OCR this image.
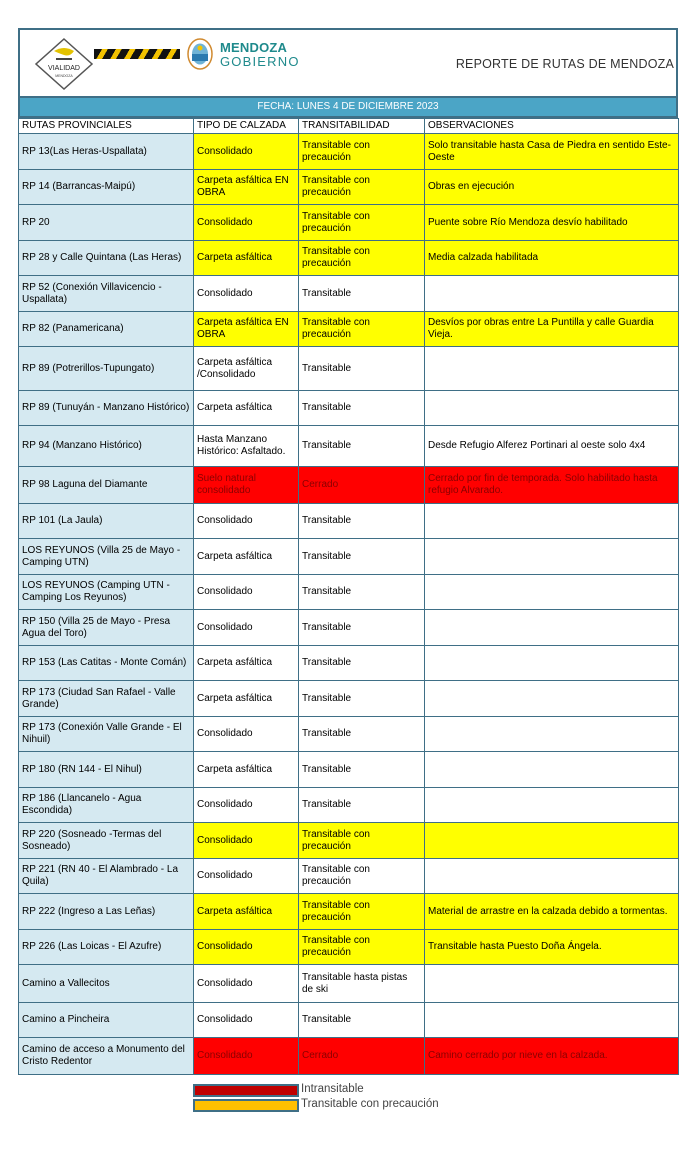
VIALIDAD
MENDOZA
MENDOZA
GOBIERNO	REPORTE DE RUTAS DE MENDOZA
FECHA: LUNES 4 DE DICIEMBRE 2023
RUTAS PROVINCIALES	TIPO DE CALZADA	TRANSITABILIDAD	OBSERVACIONES
RP 13(Las Heras-Uspallata)	Consolidado	Transitable con precaución	Solo transitable hasta Casa de Piedra en sentido Este-Oeste
RP 14 (Barrancas-Maipú)	Carpeta asfáltica EN OBRA	Transitable con precaución	Obras en ejecución
RP 20	Consolidado	Transitable con precaución	Puente sobre Río Mendoza desvío habilitado
RP 28 y Calle Quintana (Las Heras)	Carpeta asfáltica	Transitable con precaución	Media calzada habilitada
RP 52 (Conexión Villavicencio - Uspallata)	Consolidado	Transitable	
RP 82 (Panamericana)	Carpeta asfáltica EN OBRA	Transitable con precaución	Desvíos por obras entre La Puntilla y calle Guardia Vieja.
RP 89 (Potrerillos-Tupungato)	Carpeta asfáltica /Consolidado	Transitable	
RP 89 (Tunuyán - Manzano Histórico)	Carpeta asfáltica	Transitable	
RP 94 (Manzano Histórico)	Hasta Manzano Histórico: Asfaltado.	Transitable	Desde Refugio Alferez Portinari al oeste solo 4x4
RP 98 Laguna del Diamante	Suelo natural consolidado	Cerrado	Cerrado por fin de temporada. Solo habilitado hasta refugio Alvarado.
RP 101 (La Jaula)	Consolidado	Transitable	
LOS REYUNOS (Villa 25 de Mayo - Camping UTN)	Carpeta asfáltica	Transitable	
LOS REYUNOS (Camping UTN - Camping Los Reyunos)	Consolidado	Transitable	
RP 150 (Villa 25 de Mayo - Presa Agua del Toro)	Consolidado	Transitable	
RP 153 (Las Catitas - Monte Comán)	Carpeta asfáltica	Transitable	
RP 173 (Ciudad San Rafael - Valle Grande)	Carpeta asfáltica	Transitable	
RP 173 (Conexión Valle Grande - El Nihuil)	Consolidado	Transitable	
RP 180 (RN 144 - El Nihul)	Carpeta asfáltica	Transitable	
RP 186 (Llancanelo - Agua Escondida)	Consolidado	Transitable	
RP 220 (Sosneado -Termas del Sosneado)	Consolidado	Transitable con precaución	
RP 221 (RN 40 - El Alambrado - La Quila)	Consolidado	Transitable con precaución	
RP 222 (Ingreso a Las Leñas)	Carpeta asfáltica	Transitable con precaución	Material de arrastre en la calzada debido a tormentas.
RP 226 (Las Loicas - El Azufre)	Consolidado	Transitable con precaución	Transitable hasta Puesto Doña Ángela.
Camino a Vallecitos	Consolidado	Transitable hasta pistas de ski	
Camino a Pincheira	Consolidado	Transitable	
Camino de acceso a Monumento del Cristo Redentor	Consolidado	Cerrado	Camino cerrado por nieve en la calzada.
Intransitable
Transitable con precaución
